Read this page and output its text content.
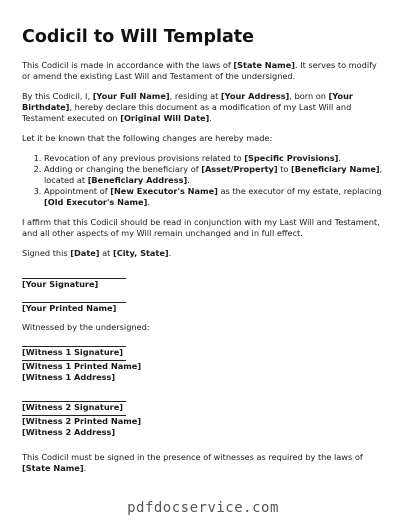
Codicil to Will Template

This Codicil is made in accordance with the laws of [State Name]. It serves to modify or amend the existing Last Will and Testament of the undersigned.

By this Codicil, I, [Your Full Name], residing at [Your Address], born on [Your Birthdate], hereby declare this document as a modification of my Last Will and Testament executed on [Original Will Date].

Let it be known that the following changes are hereby made:

1. Revocation of any previous provisions related to [Specific Provisions].
2. Adding or changing the beneficiary of [Asset/Property] to [Beneficiary Name], located at [Beneficiary Address].
3. Appointment of [New Executor's Name] as the executor of my estate, replacing [Old Executor's Name].

I affirm that this Codicil should be read in conjunction with my Last Will and Testament, and all other aspects of my Will remain unchanged and in full effect.

Signed this [Date] at [City, State].

[Your Signature]
[Your Printed Name]

Witnessed by the undersigned:

[Witness 1 Signature]
[Witness 1 Printed Name]
[Witness 1 Address]
[Witness 2 Signature]
[Witness 2 Printed Name]
[Witness 2 Address]

This Codicil must be signed in the presence of witnesses as required by the laws of [State Name].

pdfdocservice.com
